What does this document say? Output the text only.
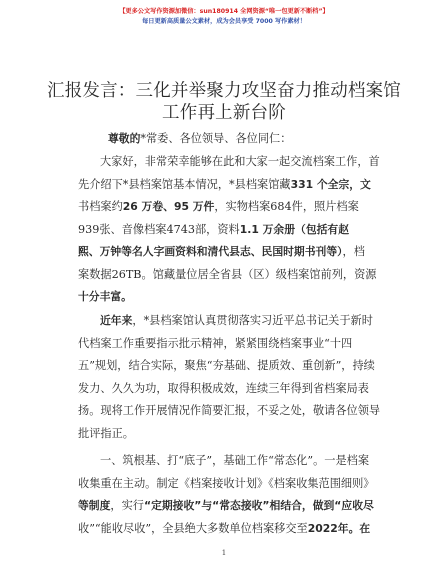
【更多公文写作资源加微信：sun180914 全网资源“唯一包更新不断档”】
每日更新高质量公文素材，成为会员享受 7000 写作素材！
汇报发言：三化并举聚力攻坚奋力推动档案馆
工作再上新台阶
尊敬的*常委、各位领导、各位同仁：
大家好，非常荣幸能够在此和大家一起交流档案工作，首
先介绍下*县档案馆基本情况，*县档案馆藏331 个全宗，文
书档案约26 万卷、95 万件，实物档案684件，照片档案
939张、音像档案4743部，资料1.1 万余册（包括有赵
熙、万钟等名人字画资料和清代县志、民国时期书刊等），档
案数据26TB。馆藏量位居全省县（区）级档案馆前列，资源
十分丰富。
近年来，*县档案馆认真贯彻落实习近平总书记关于新时
代档案工作重要指示批示精神，紧紧围绕档案事业“十四
五”规划，结合实际，聚焦“夯基础、提质效、重创新”，持续
发力、久久为功，取得积极成效，连续三年得到省档案局表
扬。现将工作开展情况作简要汇报，不妥之处，敬请各位领导
批评指正。
一、筑根基、打“底子”，基础工作“常态化”。一是档案
收集重在主动。制定《档案接收计划》《档案收集范围细则》
等制度，实行“定期接收”与“常态接收”相结合，做到“应收尽
收”“能收尽收”，全县绝大多数单位档案移交至2022年。在
1
